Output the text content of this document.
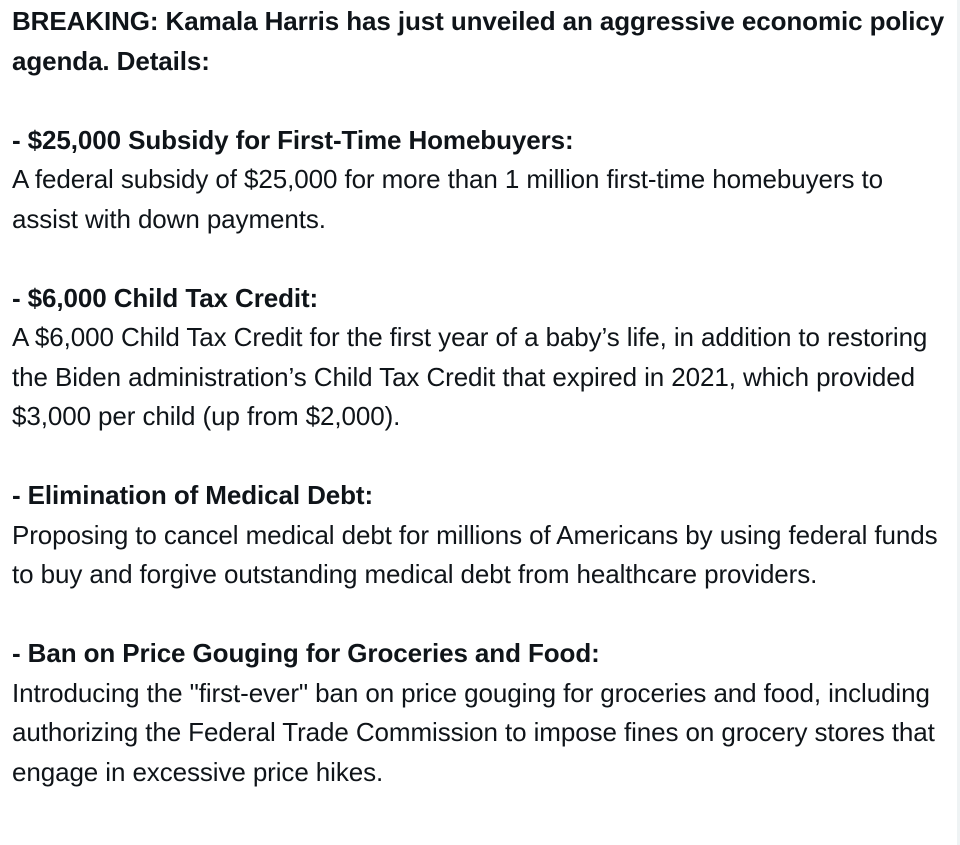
BREAKING: Kamala Harris has just unveiled an aggressive economic policy agenda. Details:

- $25,000 Subsidy for First-Time Homebuyers:

A federal subsidy of $25,000 for more than 1 million first-time homebuyers to assist with down payments.

- $6,000 Child Tax Credit:

A $6,000 Child Tax Credit for the first year of a baby’s life, in addition to restoring the Biden administration’s Child Tax Credit that expired in 2021, which provided $3,000 per child (up from $2,000).

- Elimination of Medical Debt:

Proposing to cancel medical debt for millions of Americans by using federal funds to buy and forgive outstanding medical debt from healthcare providers.

- Ban on Price Gouging for Groceries and Food:

Introducing the "first-ever" ban on price gouging for groceries and food, including authorizing the Federal Trade Commission to impose fines on grocery stores that engage in excessive price hikes.
